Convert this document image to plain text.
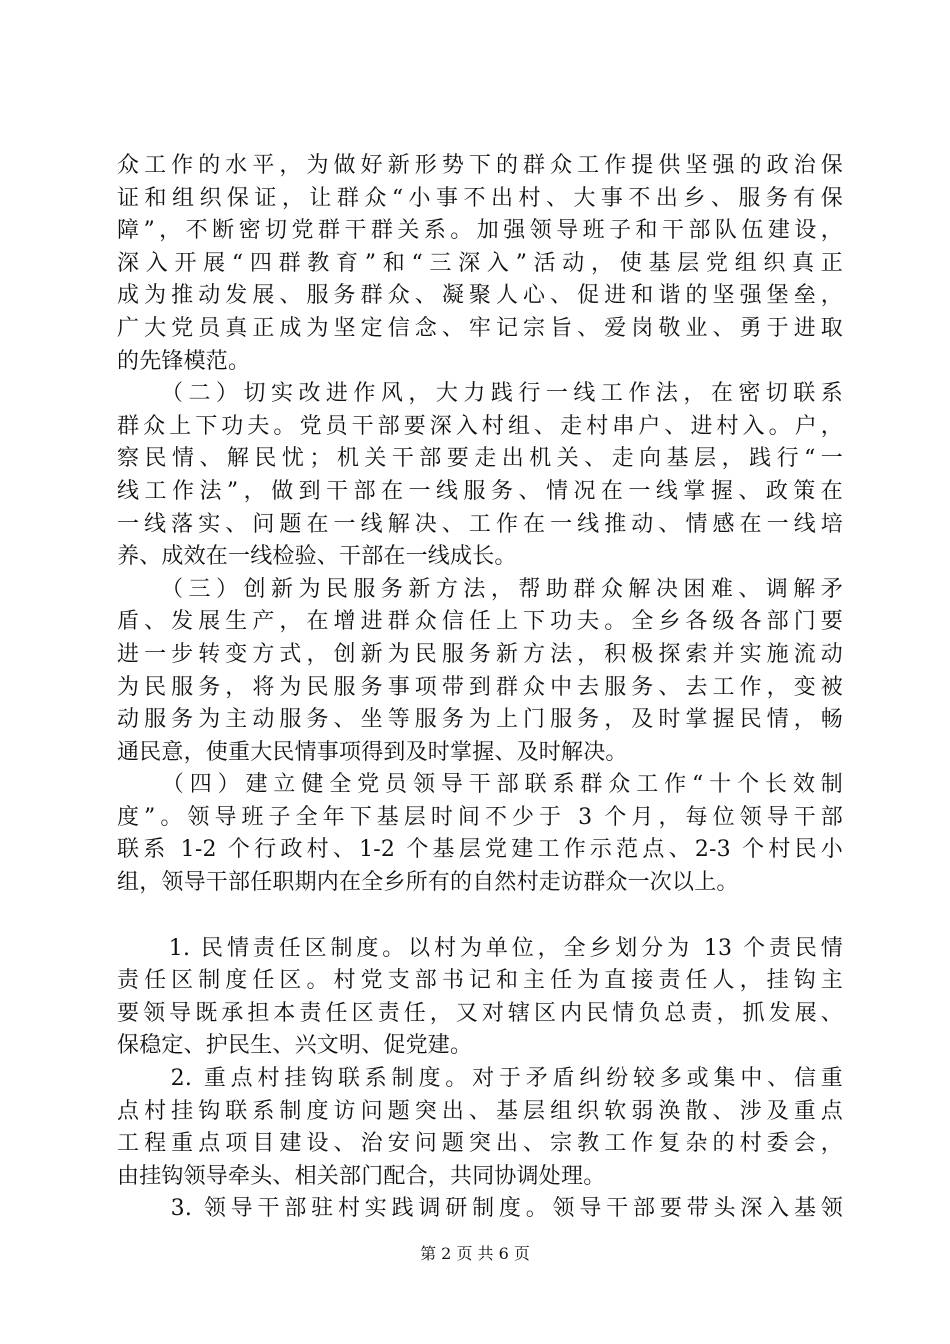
众工作的水平，为做好新形势下的群众工作提供坚强的政治保
证和组织保证，让群众“小事不出村、大事不出乡、服务有保
障”，不断密切党群干群关系。加强领导班子和干部队伍建设，
深入开展“四群教育”和“三深入”活动，使基层党组织真正
成为推动发展、服务群众、凝聚人心、促进和谐的坚强堡垒，
广大党员真正成为坚定信念、牢记宗旨、爱岗敬业、勇于进取
的先锋模范。
　　（二）切实改进作风，大力践行一线工作法，在密切联系
群众上下功夫。党员干部要深入村组、走村串户、进村入。户，
察民情、解民忧；机关干部要走出机关、走向基层，践行“一
线工作法”，做到干部在一线服务、情况在一线掌握、政策在
一线落实、问题在一线解决、工作在一线推动、情感在一线培
养、成效在一线检验、干部在一线成长。
　　（三）创新为民服务新方法，帮助群众解决困难、调解矛
盾、发展生产，在增进群众信任上下功夫。全乡各级各部门要
进一步转变方式，创新为民服务新方法，积极探索并实施流动
为民服务，将为民服务事项带到群众中去服务、去工作，变被
动服务为主动服务、坐等服务为上门服务，及时掌握民情，畅
通民意，使重大民情事项得到及时掌握、及时解决。
　　（四）建立健全党员领导干部联系群众工作“十个长效制
度”。领导班子全年下基层时间不少于 3 个月，每位领导干部
联系 1-2 个行政村、1-2 个基层党建工作示范点、2-3 个村民小
组，领导干部任职期内在全乡所有的自然村走访群众一次以上。
　　1. 民情责任区制度。以村为单位，全乡划分为 13 个责民情
责任区制度任区。村党支部书记和主任为直接责任人，挂钩主
要领导既承担本责任区责任，又对辖区内民情负总责，抓发展、
保稳定、护民生、兴文明、促党建。
　　2. 重点村挂钩联系制度。对于矛盾纠纷较多或集中、信重
点村挂钩联系制度访问题突出、基层组织软弱涣散、涉及重点
工程重点项目建设、治安问题突出、宗教工作复杂的村委会，
由挂钩领导牵头、相关部门配合，共同协调处理。
　　3. 领导干部驻村实践调研制度。领导干部要带头深入基领
第 2 页 共 6 页
